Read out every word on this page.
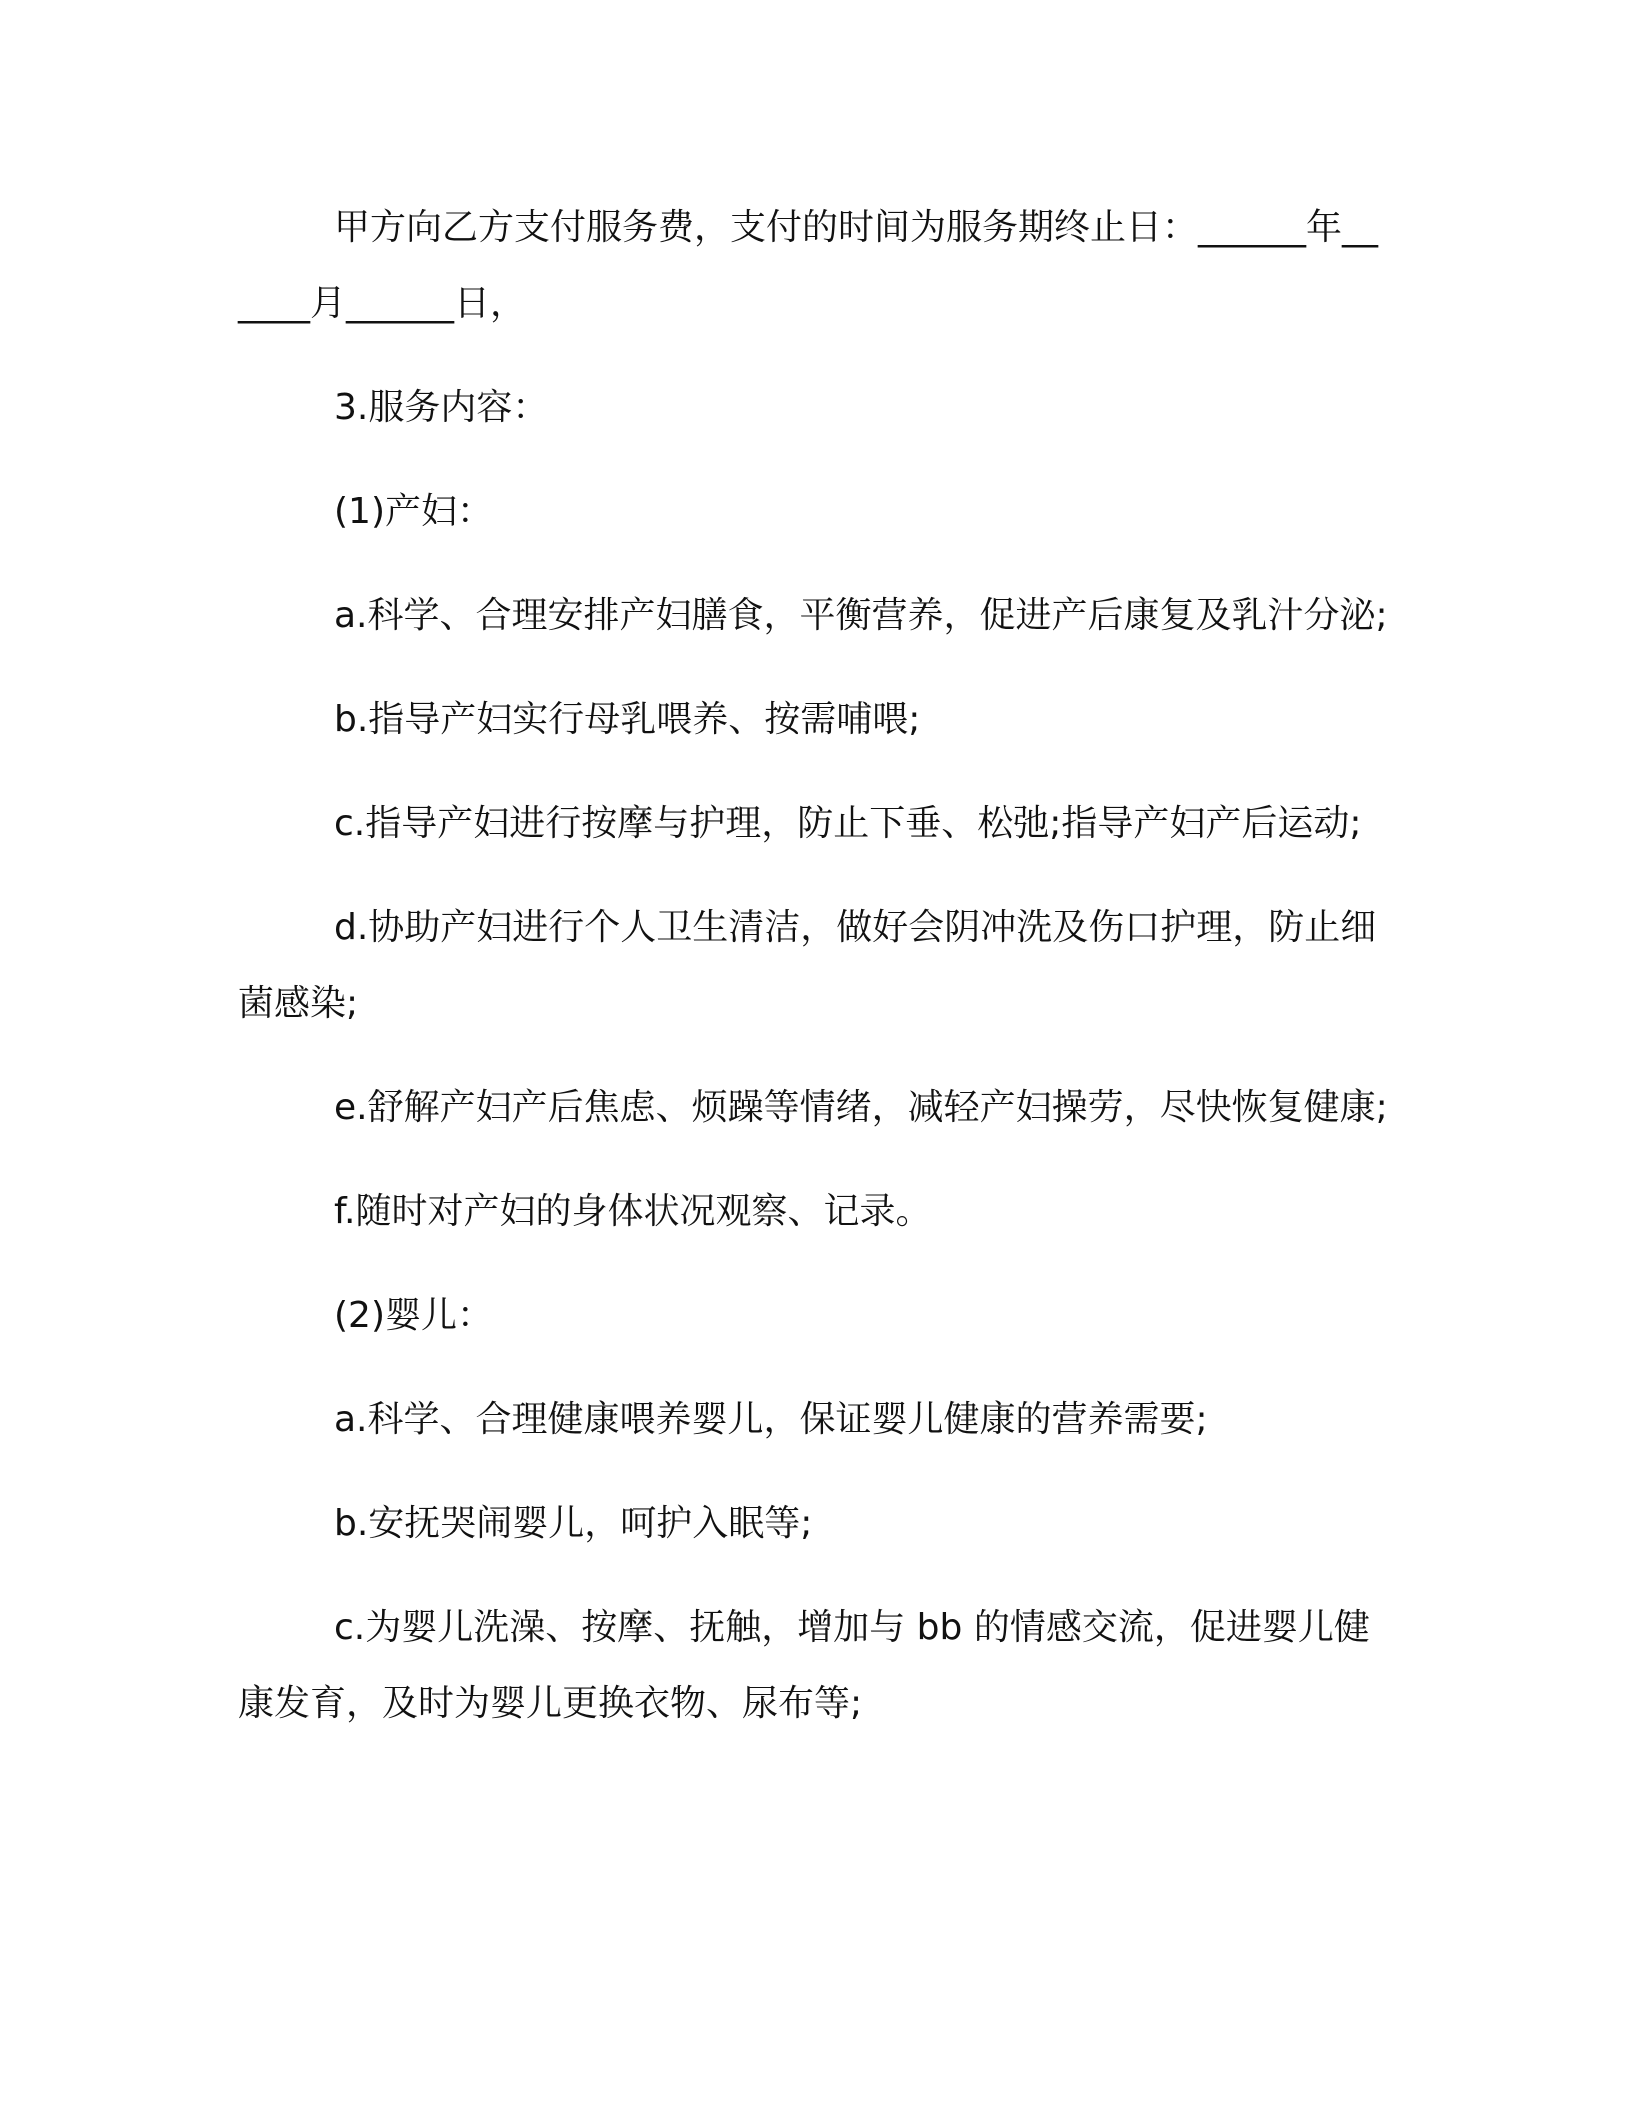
甲方向乙方支付服务费，支付的时间为服务期终止日：______年______月______日，

3.服务内容：

(1)产妇：

a.科学、合理安排产妇膳食，平衡营养，促进产后康复及乳汁分泌;

b.指导产妇实行母乳喂养、按需哺喂;

c.指导产妇进行按摩与护理，防止下垂、松弛;指导产妇产后运动;

d.协助产妇进行个人卫生清洁，做好会阴冲洗及伤口护理，防止细菌感染;

e.舒解产妇产后焦虑、烦躁等情绪，减轻产妇操劳，尽快恢复健康;

f.随时对产妇的身体状况观察、记录。

(2)婴儿：

a.科学、合理健康喂养婴儿，保证婴儿健康的营养需要;

b.安抚哭闹婴儿，呵护入眠等;

c.为婴儿洗澡、按摩、抚触，增加与 bb 的情感交流，促进婴儿健康发育，及时为婴儿更换衣物、尿布等;
